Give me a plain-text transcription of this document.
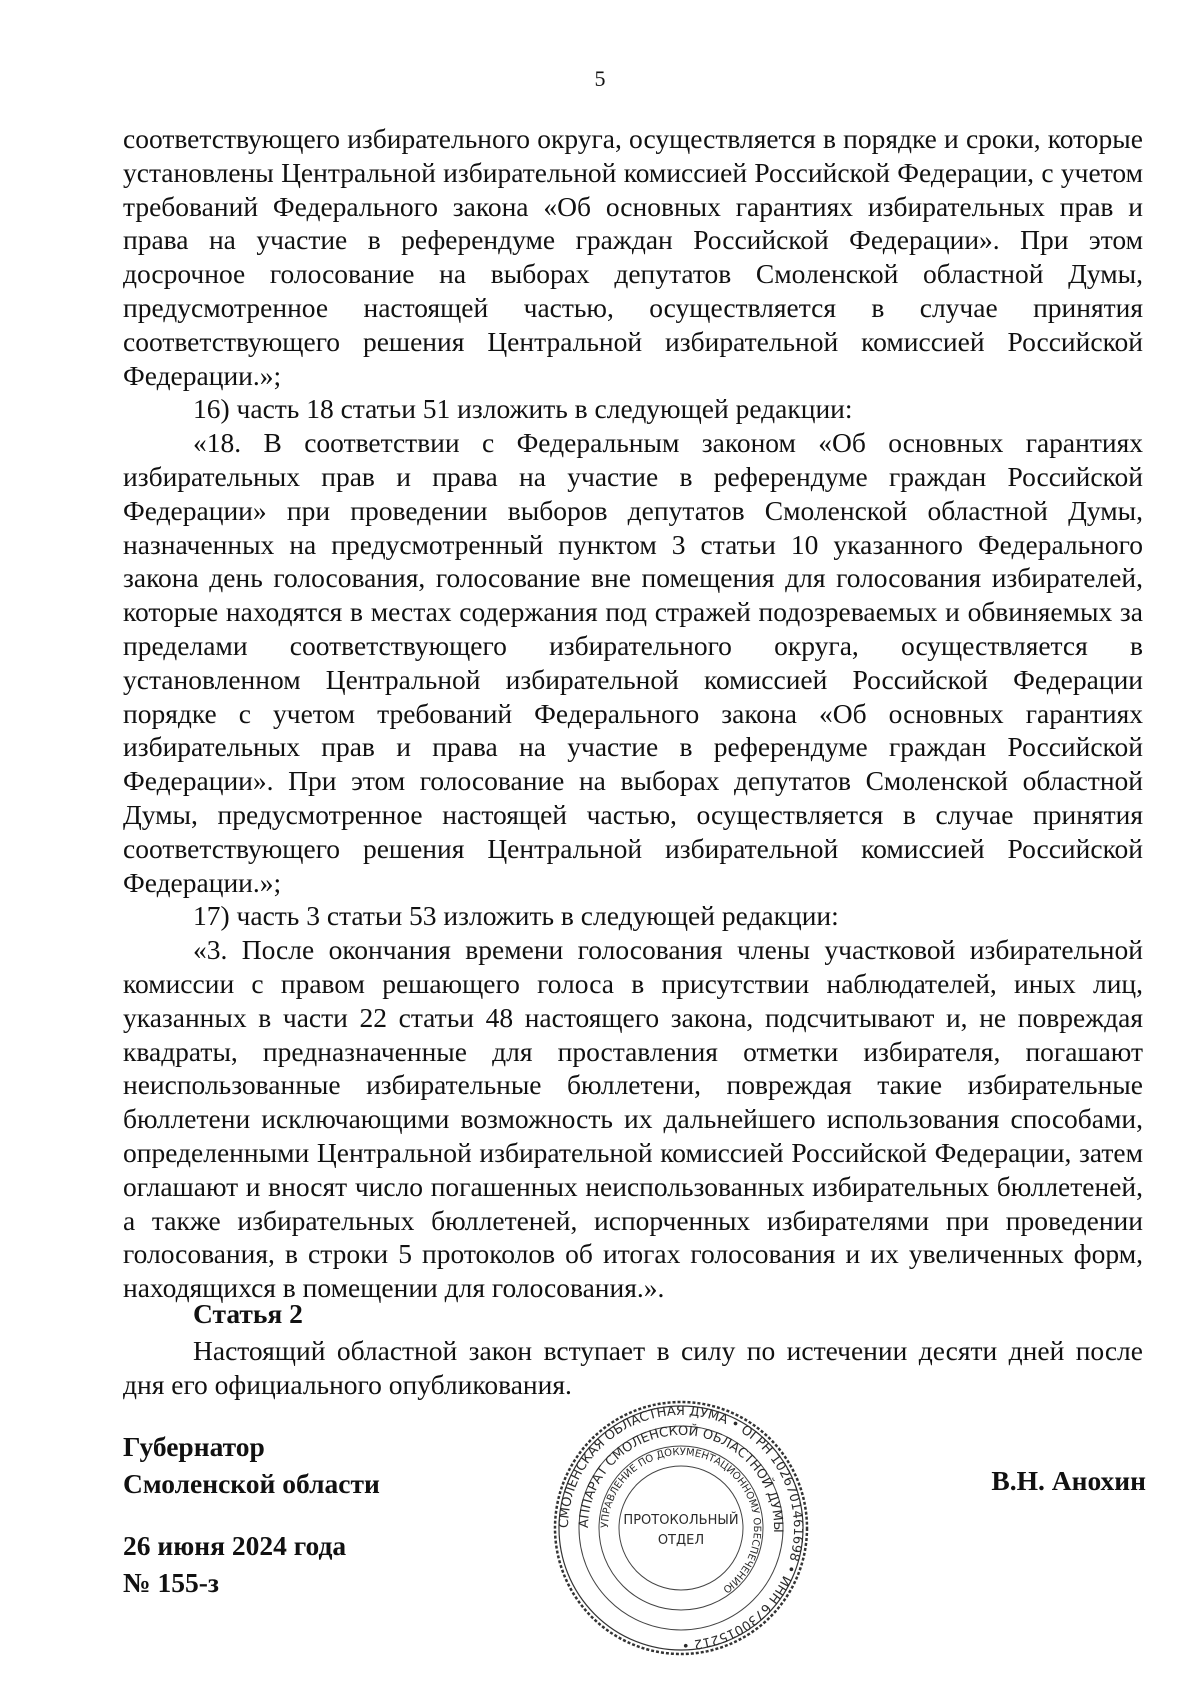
5

соответствующего избирательного округа, осуществляется в порядке и сроки, которые установлены Центральной избирательной комиссией Российской Федерации, с учетом требований Федерального закона «Об основных гарантиях избирательных прав и права на участие в референдуме граждан Российской Федерации». При этом досрочное голосование на выборах депутатов Смоленской областной Думы, предусмотренное настоящей частью, осуществляется в случае принятия соответствующего решения Центральной избирательной комиссией Российской Федерации.»;

16) часть 18 статьи 51 изложить в следующей редакции:

«18. В соответствии с Федеральным законом «Об основных гарантиях избирательных прав и права на участие в референдуме граждан Российской Федерации» при проведении выборов депутатов Смоленской областной Думы, назначенных на предусмотренный пунктом 3 статьи 10 указанного Федерального закона день голосования, голосование вне помещения для голосования избирателей, которые находятся в местах содержания под стражей подозреваемых и обвиняемых за пределами соответствующего избирательного округа, осуществляется в установленном Центральной избирательной комиссией Российской Федерации порядке с учетом требований Федерального закона «Об основных гарантиях избирательных прав и права на участие в референдуме граждан Российской Федерации». При этом голосование на выборах депутатов Смоленской областной Думы, предусмотренное настоящей частью, осуществляется в случае принятия соответствующего решения Центральной избирательной комиссией Российской Федерации.»;

17) часть 3 статьи 53 изложить в следующей редакции:

«3. После окончания времени голосования члены участковой избирательной комиссии с правом решающего голоса в присутствии наблюдателей, иных лиц, указанных в части 22 статьи 48 настоящего закона, подсчитывают и, не повреждая квадраты, предназначенные для проставления отметки избирателя, погашают неиспользованные избирательные бюллетени, повреждая такие избирательные бюллетени исключающими возможность их дальнейшего использования способами, определенными Центральной избирательной комиссией Российской Федерации, затем оглашают и вносят число погашенных неиспользованных избирательных бюллетеней, а также избирательных бюллетеней, испорченных избирателями при проведении голосования, в строки 5 протоколов об итогах голосования и их увеличенных форм, находящихся в помещении для голосования.».

Статья 2
Настоящий областной закон вступает в силу по истечении десяти дней после дня его официального опубликования.
Губернатор
Смоленской области
26 июня 2024 года
№ 155-з
В.Н. Анохин
СМОЛЕНСКАЯ ОБЛАСТНАЯ ДУМА • ОГРН 1026701461698 • ИНН 6730015212 •
АППАРАТ СМОЛЕНСКОЙ ОБЛАСТНОЙ ДУМЫ
УПРАВЛЕНИЕ ПО ДОКУМЕНТАЦИОННОМУ ОБЕСПЕЧЕНИЮ
ПРОТОКОЛЬНЫЙ
ОТДЕЛ
